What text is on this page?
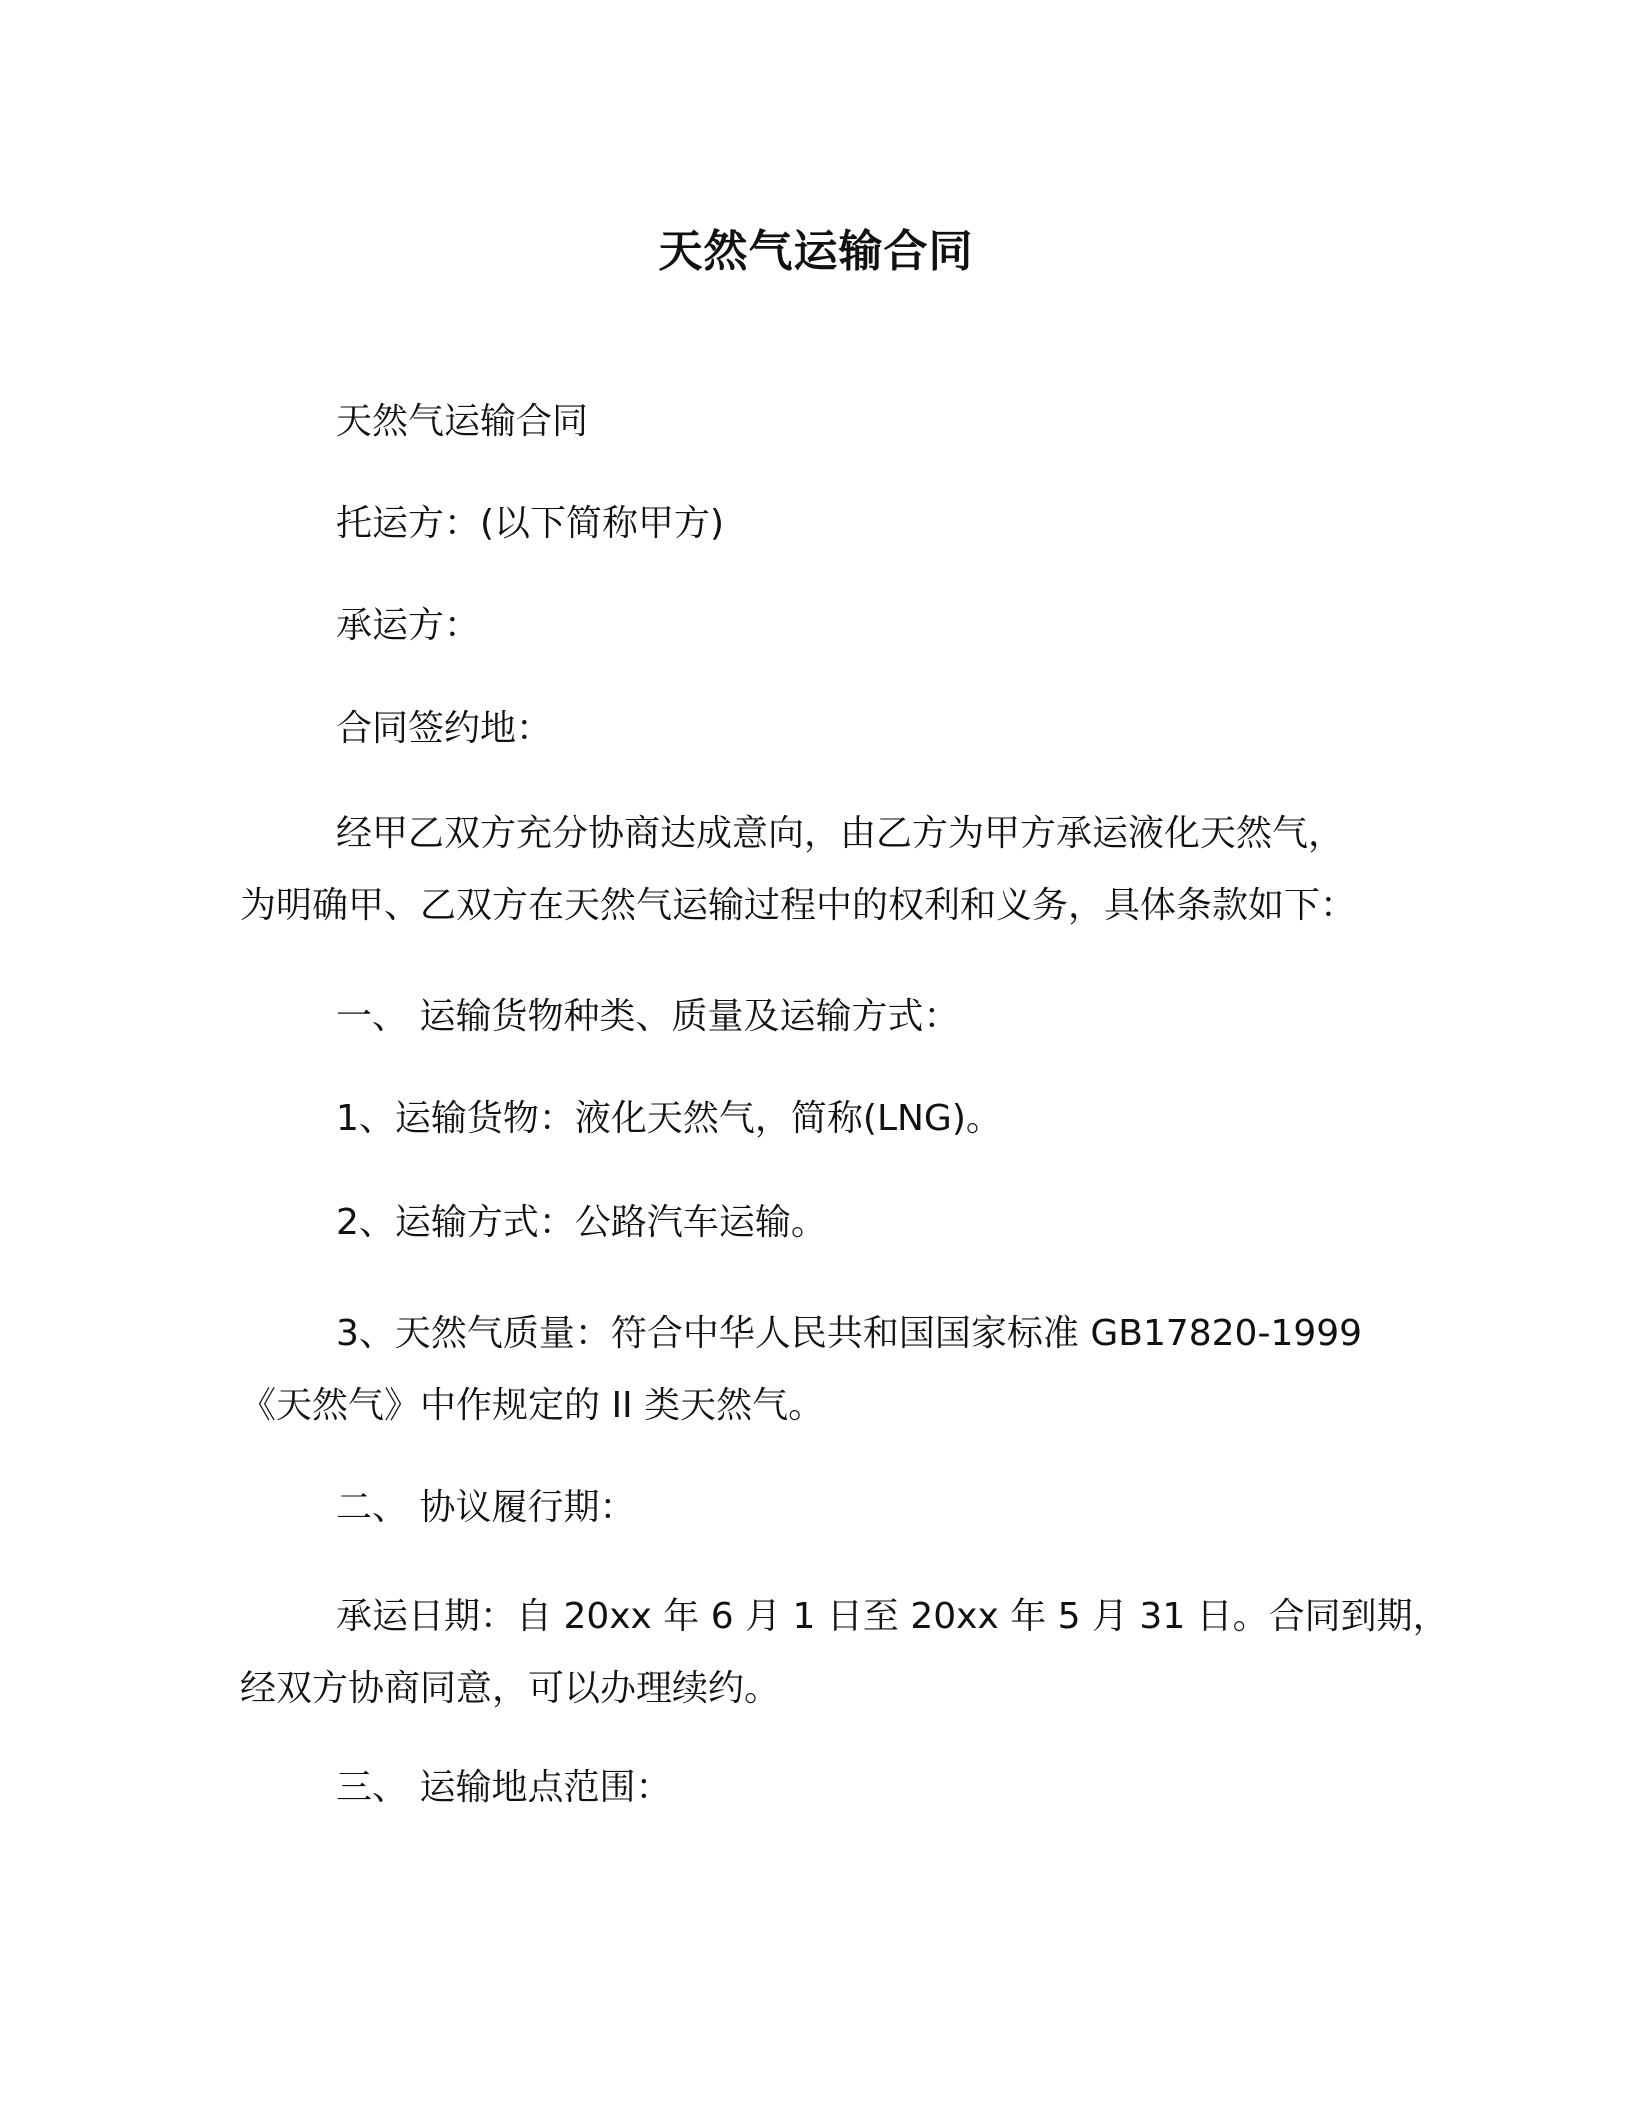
天然气运输合同
天然气运输合同
托运方：(以下简称甲方)
承运方：
合同签约地：
经甲乙双方充分协商达成意向，由乙方为甲方承运液化天然气，
为明确甲、乙双方在天然气运输过程中的权利和义务，具体条款如下：
一、 运输货物种类、质量及运输方式：
1、运输货物：液化天然气，简称(LNG)。
2、运输方式：公路汽车运输。
3、天然气质量：符合中华人民共和国国家标准 GB17820-1999
《天然气》中作规定的 II 类天然气。
二、 协议履行期：
承运日期：自 20xx 年 6 月 1 日至 20xx 年 5 月 31 日。合同到期，
经双方协商同意，可以办理续约。
三、 运输地点范围：
